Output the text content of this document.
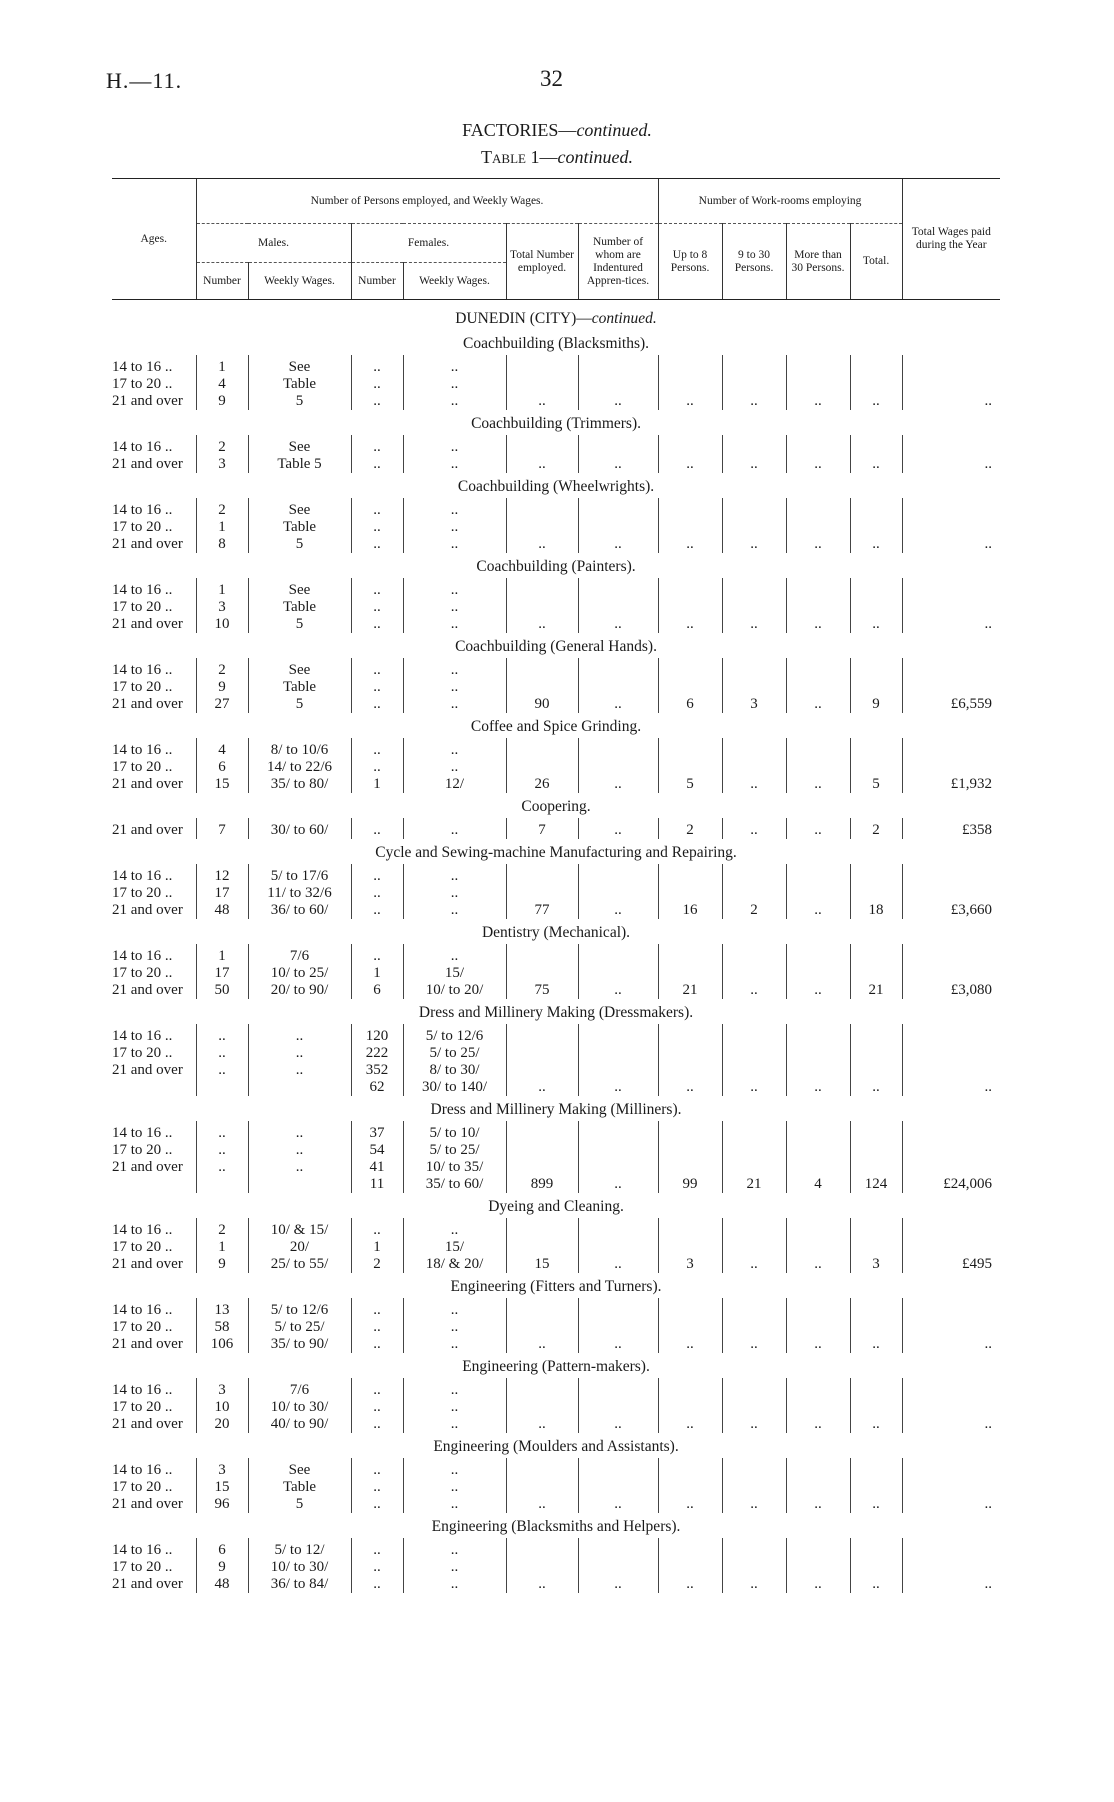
H.—11.	32
FACTORIES—continued.
Table 1—continued.
Ages.	Number of Persons employed, and Weekly Wages.						Number of Work-rooms employing				Total Wages paid during the Year
	Males.		Females.		Total Number employed.	Number of whom are Indentured Appren-tices.	Up to 8 Persons.	9 to 30 Persons.	More than 30 Persons.	Total.	
	Number	Weekly Wages.	Number	Weekly Wages.							
DUNEDIN (CITY)—continued.											
Coachbuilding (Blacksmiths).											
14 to 16 ..	1	See	..	..							
17 to 20 ..	4	Table	..	..							
21 and over	9	5	..	..	..	..	..	..	..	..	..
Coachbuilding (Trimmers).											
14 to 16 ..	2	See	..	..							
21 and over	3	Table 5	..	..	..	..	..	..	..	..	..
Coachbuilding (Wheelwrights).											
14 to 16 ..	2	See	..	..							
17 to 20 ..	1	Table	..	..							
21 and over	8	5	..	..	..	..	..	..	..	..	..
Coachbuilding (Painters).											
14 to 16 ..	1	See	..	..							
17 to 20 ..	3	Table	..	..							
21 and over	10	5	..	..	..	..	..	..	..	..	..
Coachbuilding (General Hands).											
14 to 16 ..	2	See	..	..							
17 to 20 ..	9	Table	..	..							
21 and over	27	5	..	..	90	..	6	3	..	9	£6,559
Coffee and Spice Grinding.											
14 to 16 ..	4	8/ to 10/6	..	..							
17 to 20 ..	6	14/ to 22/6	..	..							
21 and over	15	35/ to 80/	1	12/	26	..	5	..	..	5	£1,932
Coopering.											
21 and over	7	30/ to 60/	..	..	7	..	2	..	..	2	£358
Cycle and Sewing-machine Manufacturing and Repairing.											
14 to 16 ..	12	5/ to 17/6	..	..							
17 to 20 ..	17	11/ to 32/6	..	..							
21 and over	48	36/ to 60/	..	..	77	..	16	2	..	18	£3,660
Dentistry (Mechanical).											
14 to 16 ..	1	7/6	..	..							
17 to 20 ..	17	10/ to 25/	1	15/							
21 and over	50	20/ to 90/	6	10/ to 20/	75	..	21	..	..	21	£3,080
Dress and Millinery Making (Dressmakers).											
14 to 16 ..	..	..	120	5/ to 12/6							
17 to 20 ..	..	..	222	5/ to 25/							
21 and over	..	..	352	8/ to 30/							
			62	30/ to 140/	..	..	..	..	..	..	..
Dress and Millinery Making (Milliners).											
14 to 16 ..	..	..	37	5/ to 10/							
17 to 20 ..	..	..	54	5/ to 25/							
21 and over	..	..	41	10/ to 35/							
			11	35/ to 60/	899	..	99	21	4	124	£24,006
Dyeing and Cleaning.											
14 to 16 ..	2	10/ & 15/	..	..							
17 to 20 ..	1	20/	1	15/							
21 and over	9	25/ to 55/	2	18/ & 20/	15	..	3	..	..	3	£495
Engineering (Fitters and Turners).											
14 to 16 ..	13	5/ to 12/6	..	..							
17 to 20 ..	58	5/ to 25/	..	..							
21 and over	106	35/ to 90/	..	..	..	..	..	..	..	..	..
Engineering (Pattern-makers).											
14 to 16 ..	3	7/6	..	..							
17 to 20 ..	10	10/ to 30/	..	..							
21 and over	20	40/ to 90/	..	..	..	..	..	..	..	..	..
Engineering (Moulders and Assistants).											
14 to 16 ..	3	See	..	..							
17 to 20 ..	15	Table	..	..							
21 and over	96	5	..	..	..	..	..	..	..	..	..
Engineering (Blacksmiths and Helpers).											
14 to 16 ..	6	5/ to 12/	..	..							
17 to 20 ..	9	10/ to 30/	..	..							
21 and over	48	36/ to 84/	..	..	..	..	..	..	..	..	..
